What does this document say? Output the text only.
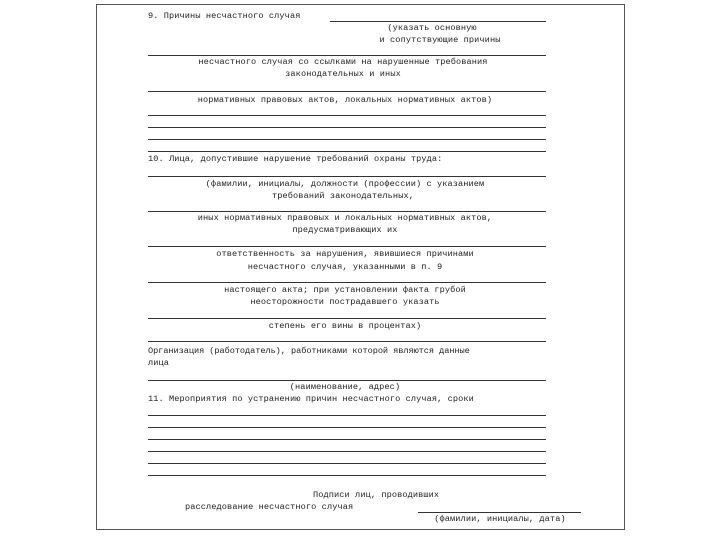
9. Причины несчастного случая
(указать основную
и сопутствующие причины
несчастного случая со ссылками на нарушенные требования
законодательных и иных
нормативных правовых актов, локальных нормативных актов)
10. Лица, допустившие нарушение требований охраны труда:
(фамилии, инициалы, должности (профессии) с указанием
требований законодательных,
иных нормативных правовых и локальных нормативных актов,
предусматривающих их
ответственность за нарушения, явившиеся причинами
несчастного случая, указанными в п. 9
настоящего акта; при установлении факта грубой
неосторожности пострадавшего указать
степень его вины в процентах)
Организация (работодатель), работниками которой являются данные
лица
(наименование, адрес)
11. Мероприятия по устранению причин несчастного случая, сроки
Подписи лиц, проводивших
расследование несчастного случая
(фамилии, инициалы, дата)
